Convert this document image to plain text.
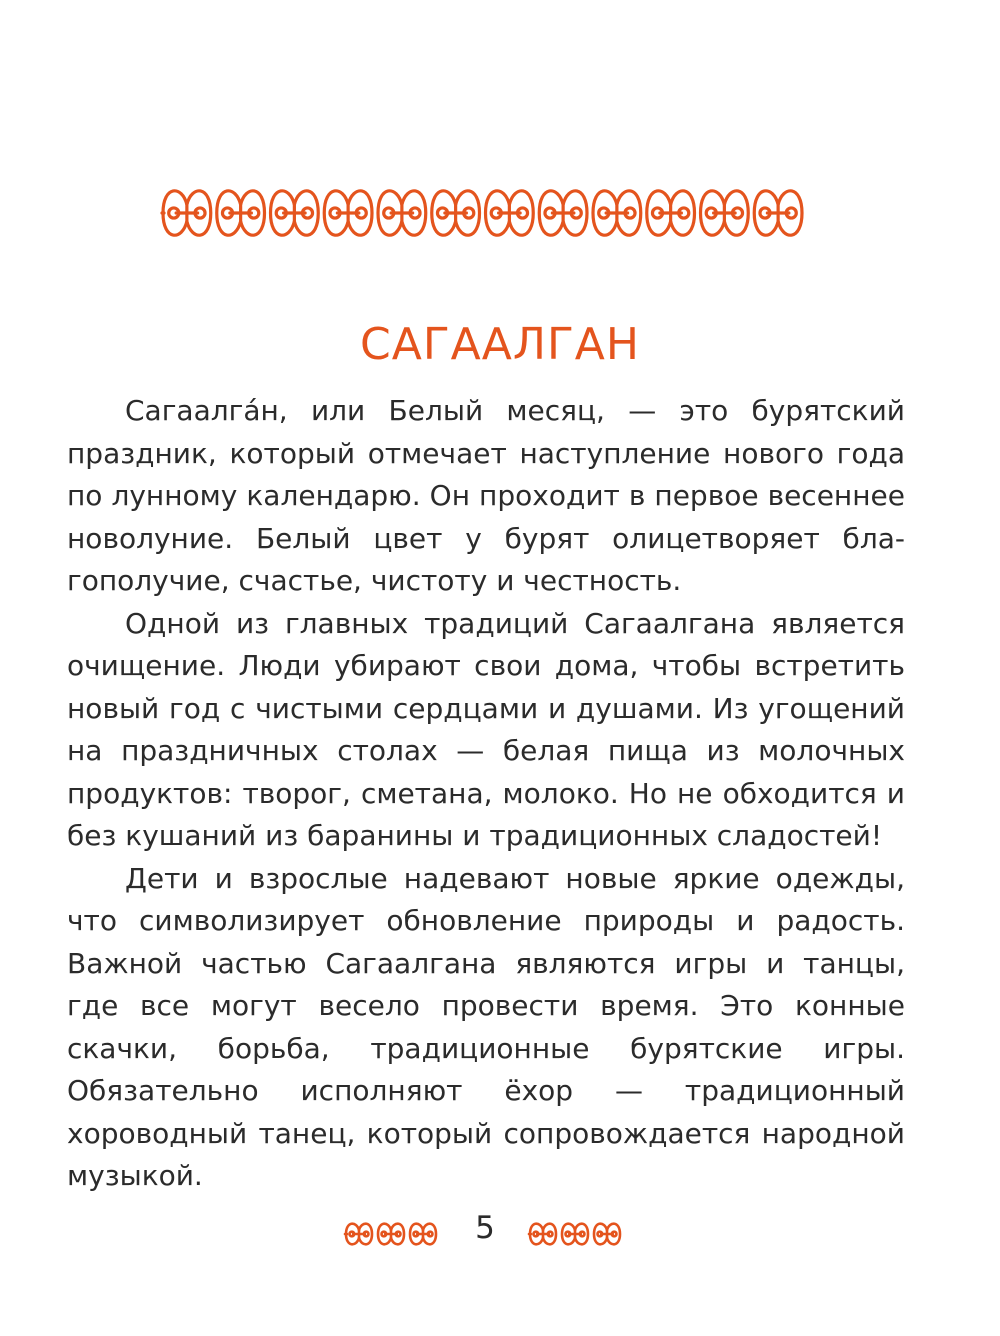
САГААЛГАН

Сагаалга́н, или Белый месяц, — это бурятский праздник, который отмечает наступление нового года по лунному календарю. Он проходит в первое весеннее новолуние. Белый цвет у бурят олицетворяет благополучие, счастье, чистоту и честность.

Одной из главных традиций Сагаалгана является очищение. Люди убирают свои дома, чтобы встретить новый год с чистыми сердцами и душами. Из угощений на праздничных столах — белая пища из молочных продуктов: творог, сметана, молоко. Но не обходится и без кушаний из баранины и традиционных сладостей!

Дети и взрослые надевают новые яркие одежды, что символизирует обновление природы и радость. Важной частью Сагаалгана являются игры и танцы, где все могут весело провести время. Это конные скачки, борьба, традиционные бурятские игры. Обязательно исполняют ёхор — традиционный хороводный танец, который сопровождается народной музыкой.

5
